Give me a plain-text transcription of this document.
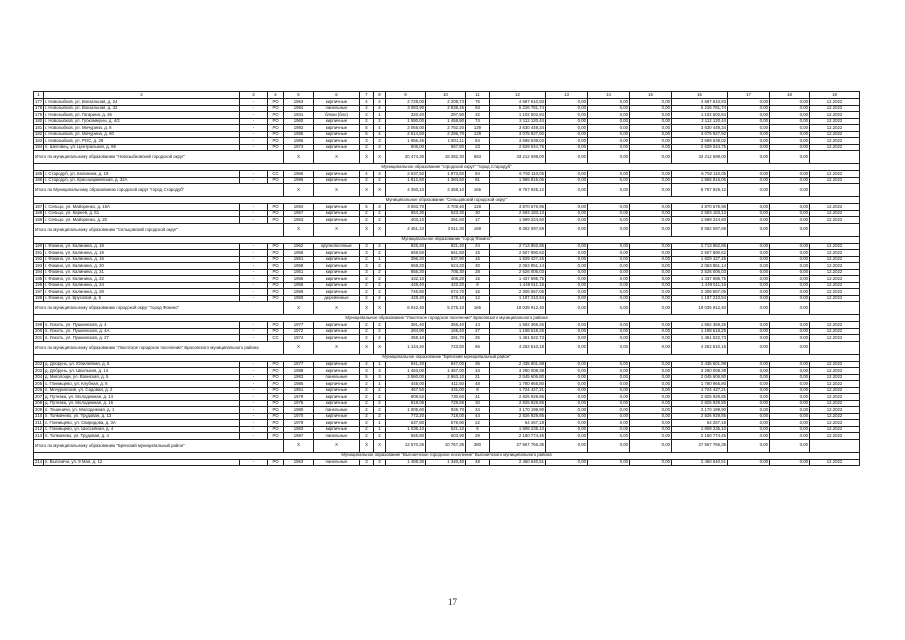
1	2	3	4	5	6	7	8	9	10	11	12	13	14	15	16	17	18	19
177	г. Новозыбков, ул. Вокзальная, д. 24	-	РО	1963	кирпичные	4	4	2 728,00	2 209,73	75	4 687 610,93	0,00	0,00	0,00	4 687 610,93	0,00	0,00	12.2022
178	г. Новозыбков, ул. Вокзальная, д. 32	-	РО	1984	панельные	4	4	3 083,90	2 838,45	93	5 226 781,74	0,00	0,00	0,00	5 226 781,74	0,00	0,00	12.2022
179	г. Новозыбков, ул. Гагарина, д. 26	-	РО	1931	блоки (бло)	2	1	320,40	297,90	32	1 102 502,84	0,00	0,00	0,00	1 102 502,84	0,00	0,00	12.2022
180	г. Новозыбков, ул. Губкоммуны, д. 4/2	-	РО	1960	кирпичные	2	2	1 590,00	1 458,90	74	2 112 120,44	0,00	0,00	0,00	2 112 120,44	0,00	0,00	12.2022
181	г. Новозыбков, ул. Мичурина, д. 8	-	РО	1992	кирпичные	5	4	3 065,00	2 782,20	139	3 630 449,34	0,00	0,00	0,00	3 630 449,34	0,00	0,00	12.2022
182	г. Новозыбков, ул. Мичурина, д. 60	-	РО	1995	кирпичные	5	4	2 614,50	2 296,70	129	3 075 927,92	0,00	0,00	0,00	3 075 927,92	0,00	0,00	12.2022
183	г. Новозыбков, ул. РОС, д. 28	-	РО	1985	кирпичные	3	3	1 956,45	1 801,11	64	3 699 539,02	0,00	0,00	0,00	3 699 539,02	0,00	0,00	12.2022
184	п. Шеловец, ул. Центральная, д. 69	-	РО	1973	кирпичные	2	3	606,00	567,80	23	2 629 044,75	0,00	0,00	0,00	2 629 044,75	0,00	0,00	12.2022
Итого по муниципальному образованию "Новозыбковский городской округ"				X	X	X	X	20 474,30	18 282,30	683	33 212 698,00	0,00	0,00	0,00	33 212 698,00	0,00	0,00	
Муниципальное образование "городской округ" "город Стародуб"																		
185	г. Стародуб, ул. Калинина, д. 19	-	СС	1966	кирпичные	4	3	2 637,50	1 973,60	84	6 792 110,05	0,00	0,00	0,00	6 792 110,05	0,00	0,00	12.2022
186	г. Стародуб, ул. Красноармейская, д. 32А	-	РО	1996	кирпичные	2	2	1 812,60	1 384,60	81	1 965 815,06	0,00	0,00	0,00	1 965 815,06	0,00	0,00	12.2022
Итого по Муниципальному образованию городской округ "город Стародуб"				X	X	X	X	4 350,10	3 358,10	165	8 757 925,12	0,00	0,00	0,00	8 757 925,12	0,00	0,00	
Муниципальное образование "Сельцовский городской округ"																		
187	г. Сельцо, ул. Майоренко, д. 15А	-	РО	1994	кирпичные	5	3	3 593,70	2 709,40	128	3 870 676,96	0,00	0,00	0,00	3 870 676,96	0,00	0,00	12.2022
188	г. Сельцо, ул. Киреев, д. 51	-	РО	1957	кирпичные	2	2	654,30	623,30	30	2 593 183,13	0,00	0,00	0,00	2 593 183,13	0,00	0,00	12.2022
189	г. Сельцо, ул. Майоренко, д. 20	-	РО	1953	кирпичные	2	2	403,10	281,60	17	1 599 224,60	0,00	0,00	0,00	1 599 224,60	0,00	0,00	12.2022
Итого по муниципальному образованию "Сельцовский городской округ"				X	X	X	X	4 451,10	3 611,30	169	8 062 097,69	0,00	0,00	0,00	8 062 097,69	0,00	0,00	
Муниципальное образование "город Фокино"																		
190	г. Фокино, ул. Калинина, д. 18	-	РО	1962	крупноблочные	3	2	926,20	821,40	24	2 713 862,85	0,00	0,00	0,00	2 713 862,85	0,00	0,00	12.2022
191	г. Фокино, ул. Калинина, д. 19	-	РО	1958	кирпичные	3	2	659,50	561,50	15	2 507 890,62	0,00	0,00	0,00	2 507 890,62	0,00	0,00	12.2022
192	г. Фокино, ул. Калинина, д. 16	-	РО	1961	кирпичные	2	1	396,20	537,90	15	1 829 427,45	0,00	0,00	0,00	1 829 427,45	0,00	0,00	12.2022
193	г. Фокино, ул. Калинина, д. 20	-	РО	1958	кирпичные	3	2	658,20	624,20	30	2 063 851,14	0,00	0,00	0,00	2 063 851,14	0,00	0,00	12.2022
194	г. Фокино, ул. Калинина, д. 21	-	РО	1951	кирпичные	3	2	856,30	706,30	28	2 526 006,03	0,00	0,00	0,00	2 526 006,03	0,00	0,00	12.2022
195	г. Фокино, ул. Калинина, д. 22	-	РО	1956	кирпичные	2	2	432,10	406,20	15	1 437 695,75	0,00	0,00	0,00	1 437 695,75	0,00	0,00	12.2022
196	г. Фокино, ул. Калинина, д. 24	-	РО	1958	кирпичные	2	2	445,40	422,20	9	1 449 511,16	0,00	0,00	0,00	1 449 511,16	0,00	0,00	12.2022
197	г. Фокино, ул. Калинина, д. 28	-	РО	1958	кирпичные	2	2	746,80	674,70	15	2 306 567,06	0,00	0,00	0,00	2 306 567,06	0,00	0,00	12.2022
198	г. Фокино, ул. Брусовой, д. 5	-	РО	1950	деревянные	2	2	429,20	378,10	12	1 187 210,54	0,00	0,00	0,00	1 187 210,54	0,00	0,00	12.2022
Итого по муниципальному образованию городской округ "город Фокино"				X	X	X	X	6 042,40	5 275,10	165	18 035 912,40	0,00	0,00	0,00	18 035 912,40	0,00	0,00	
Муниципальное образование "Локотское городское поселение" Брасовского муниципального района																		
199	п. Локоть, ул. Пушкинская, д. 4	-	РО	1977	кирпичные	2	2	381,40	355,40	14	1 592 369,26	0,00	0,00	0,00	1 592 369,26	0,00	0,00	12.2022
200	п. Локоть, ул. Пушкинская, д. 4А	-	РО	1972	кирпичные	2	2	284,90	165,40	27	1 198 618,25	0,00	0,00	0,00	1 198 618,25	0,00	0,00	12.2022
201	п. Локоть, ул. Пушкинская, д. 27	-	СС	1974	кирпичные	2	2	458,10	291,70	25	1 461 522,73	0,00	0,00	0,00	1 461 522,73	0,00	0,00	12.2022
Итого по муниципальному образованию "Локотское городское поселение" Брасовского муниципального района				X	X	X	X	1 144,40	723,50	66	4 252 510,18	0,00	0,00	0,00	4 252 510,18	0,00	0,00	
Муниципальное образование "Брянский муниципальный район"																		
202	д. Добрунь, ул. Юбилейная, д. 5	-	РО	1977	кирпичные	4	1	941,20	847,00	36	2 435 601,98	0,00	0,00	0,00	2 435 601,98	0,00	0,00	12.2022
203	д. Добрунь, ул. Школьная, д. 14	-	РО	1998	кирпичные	3	3	1 463,00	1 357,00	34	3 290 008,38	0,00	0,00	0,00	3 290 008,38	0,00	0,00	12.2022
204	д. Миголощи, ул. Воинская, д. 5	-	РО	1983	панельные	5	3	3 560,00	2 963,10	21	2 045 606,80	0,00	0,00	0,00	2 045 606,80	0,00	0,00	12.2022
205	с. Глинищево, ул. Клубная, д. 6	-	РО	1986	кирпичные	2	1	445,00	411,50	48	1 780 965,80	0,00	0,00	0,00	1 780 965,80	0,00	0,00	12.2022
206	п. Мичуринский, ул. Садовая, д. 2	-	РО	1961	кирпичные	2	2	467,50	431,00	8	1 724 427,21	0,00	0,00	0,00	1 724 427,21	0,00	0,00	12.2022
207	д. Путевка, ул. Молодежная, д. 14	-	РО	1979	кирпичные	2	2	809,52	730,60	41	2 825 929,85	0,00	0,00	0,00	2 825 929,85	0,00	0,00	12.2022
208	д. Путевка, ул. Молодежная, д. 16	-	РО	1975	кирпичные	2	2	818,05	729,55	30	2 825 929,85	0,00	0,00	0,00	2 825 929,85	0,00	0,00	12.2022
209	п. Тешеничи, ул. Молодежная, д. 1	-	РО	1980	панельные	2	2	1 005,60	926,70	34	3 170 199,90	0,00	0,00	0,00	3 170 199,90	0,00	0,00	12.2022
210	п. Толмачево, ул. Трудовая, д. 13	-	РО	1970	кирпичные	2	2	772,20	718,00	44	2 826 929,85	0,00	0,00	0,00	2 826 929,85	0,00	0,00	12.2022
211	с. Глинищево, ул. Свиридова, д. 3А	-	РО	1979	кирпичные	2	1	637,80	578,90	22	64 267,18	0,00	0,00	0,00	64 267,18	0,00	0,00	12.2022
212	с. Глинищево, ул. Шоссейная, д. 4	-	РО	1983	кирпичные	2	1	1 036,10	521,10	5	1 808 235,10	0,00	0,00	0,00	1 808 235,10	0,00	0,00	12.2022
213	п. Толмачево, ул. Трудовая, д. 4	-	РО	1987	панельные	2	2	565,80	503,90	29	2 180 774,45	0,00	0,00	0,00	2 180 774,45	0,00	0,00	12.2022
Итого по муниципальному образованию "Брянский муниципальный район"				X	X	X	X	12 570,25	10 767,35	380	27 567 766,35	0,00	0,00	0,00	27 567 766,35	0,00	0,00	
Муниципальное образование "Выгоничское городское поселение" Выгоничского муниципального района																		
214	п. Выгоничи, ул. 9 Мая, д. 12	-	РО	1963	панельные	3	3	1 488,30	1 340,40	48	2 460 640,51	0,00	0,00	0,00	2 460 640,51	0,00	0,00	12.2022
17
